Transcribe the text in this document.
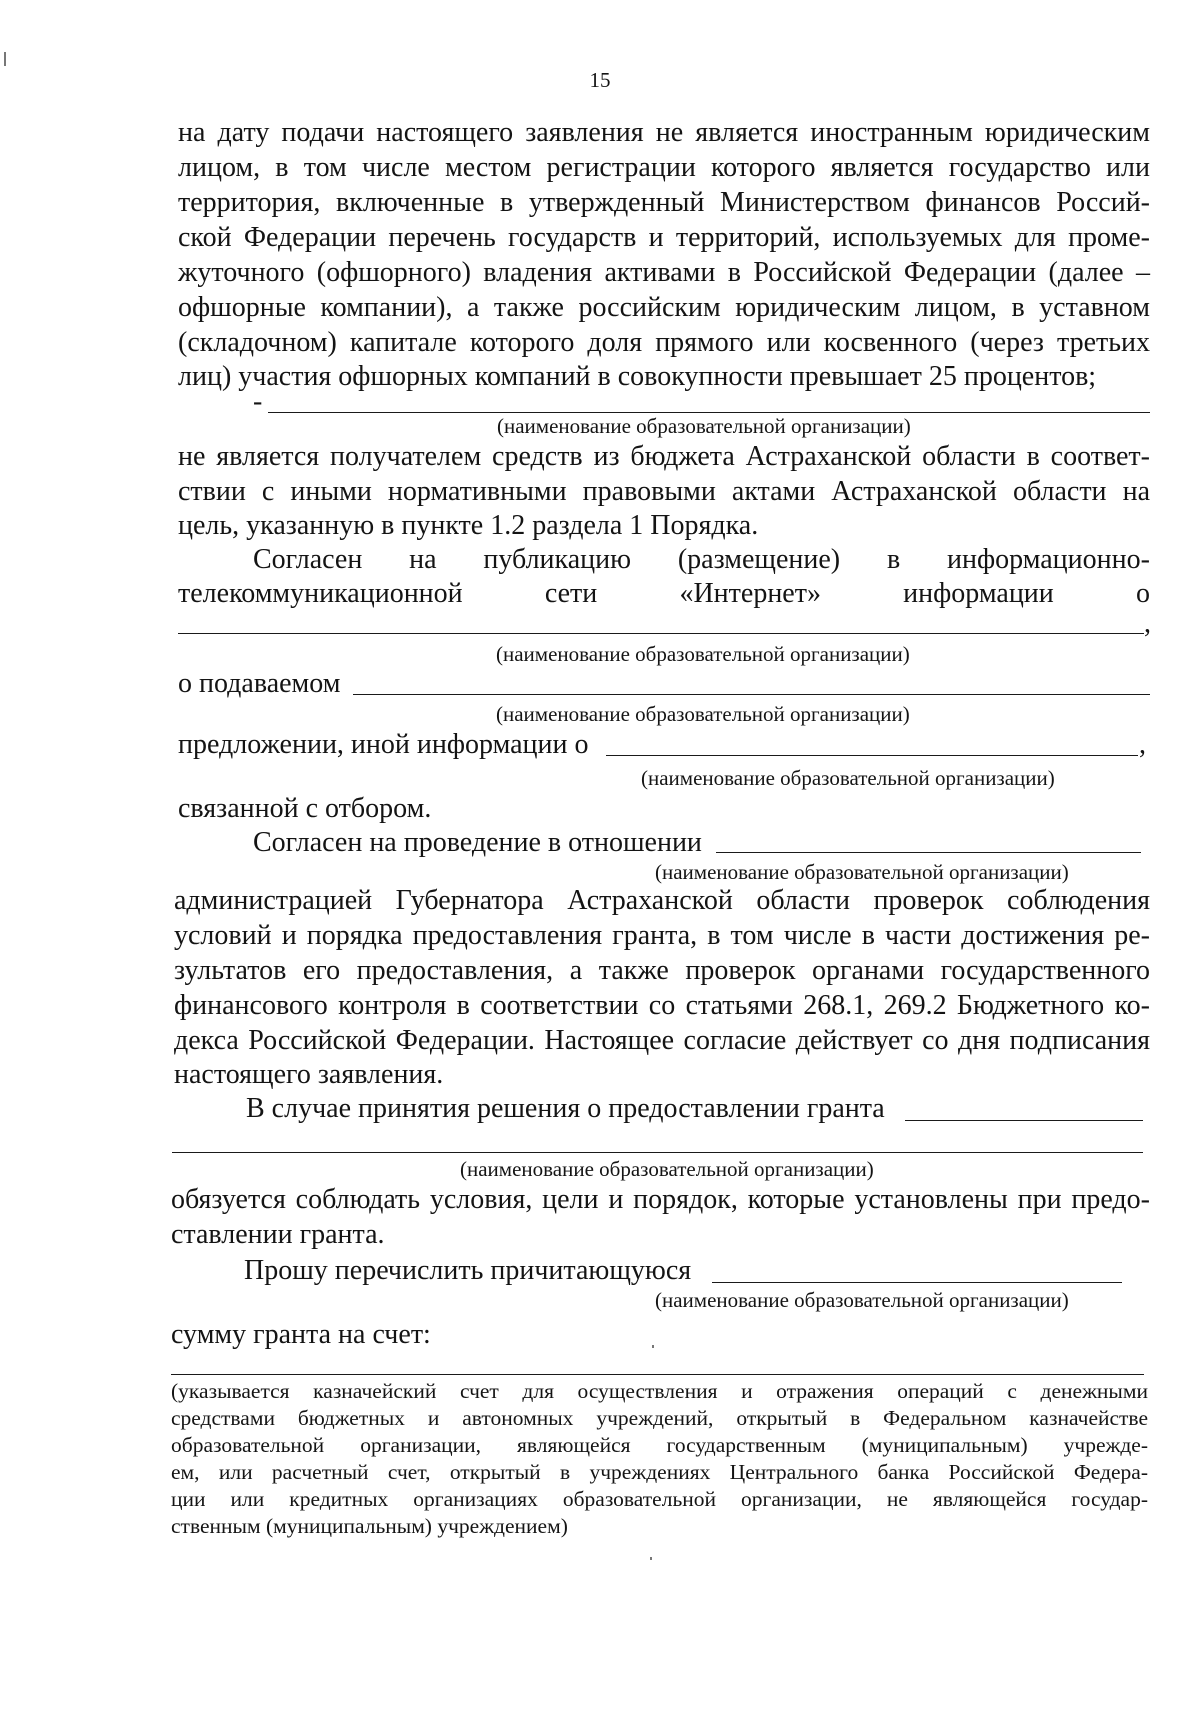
15
на дату подачи настоящего заявления не является иностранным юридическим
лицом, в том числе местом регистрации которого является государство или
территория, включенные в утвержденный Министерством финансов Россий-
ской Федерации перечень государств и территорий, используемых для проме-
жуточного (офшорного) владения активами в Российской Федерации (далее –
офшорные компании), а также российским юридическим лицом, в уставном
(складочном) капитале которого доля прямого или косвенного (через третьих
лиц) участия офшорных компаний в совокупности превышает 25 процентов;
-
(наименование образовательной организации)
не является получателем средств из бюджета Астраханской области в соответ-
ствии с иными нормативными правовыми актами Астраханской области на
цель, указанную в пункте 1.2 раздела 1 Порядка.
Согласен на публикацию (размещение) в информационно-
телекоммуникационной	сети	«Интернет»	информации	о
,
(наименование образовательной организации)
о подаваемом
(наименование образовательной организации)
предложении, иной информации о	,
(наименование образовательной организации)
связанной с отбором.
Согласен на проведение в отношении
(наименование образовательной организации)
администрацией Губернатора Астраханской области проверок соблюдения
условий и порядка предоставления гранта, в том числе в части достижения ре-
зультатов его предоставления, а также проверок органами государственного
финансового контроля в соответствии со статьями 268.1, 269.2 Бюджетного ко-
декса Российской Федерации. Настоящее согласие действует со дня подписания
настоящего заявления.
В случае принятия решения о предоставлении гранта
(наименование образовательной организации)
обязуется соблюдать условия, цели и порядок, которые установлены при предо-
ставлении гранта.
Прошу перечислить причитающуюся
(наименование образовательной организации)
сумму гранта на счет:
(указывается казначейский счет для осуществления и отражения операций с денежными
средствами бюджетных и автономных учреждений, открытый в Федеральном казначействе
образовательной организации, являющейся государственным (муниципальным) учрежде-
ем, или расчетный счет, открытый в учреждениях Центрального банка Российской Федера-
ции или кредитных организациях образовательной организации, не являющейся государ-
ственным (муниципальным) учреждением)
